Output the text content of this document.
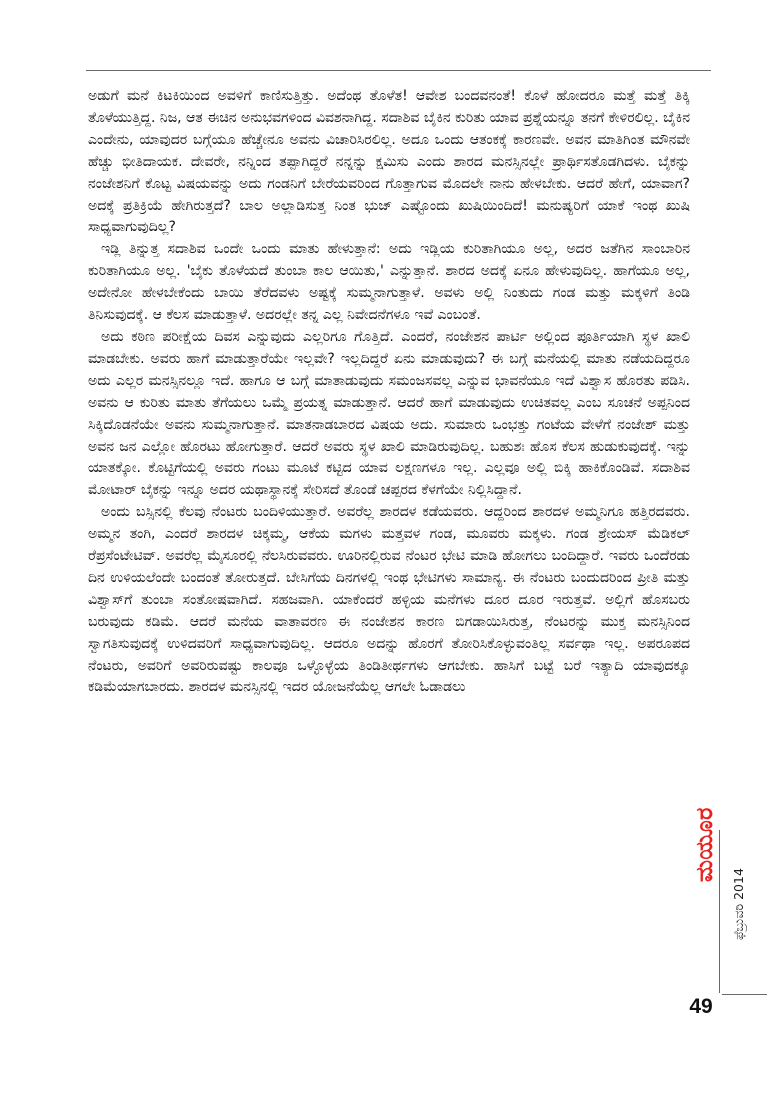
ಅಡುಗೆ ಮನೆ ಕಿಟಕಿಯಿಂದ ಅವಳಿಗೆ ಕಾಣಿಸುತ್ತಿತ್ತು. ಅದೆಂಥ ತೊಳೆತ! ಆವೇಶ ಬಂದವನಂತೆ! ಕೊಳೆ ಹೋದರೂ ಮತ್ತೆ ಮತ್ತೆ ತಿಕ್ಕಿ ತೊಳೆಯುತ್ತಿದ್ದ. ನಿಜ, ಆತ ಈಚಿನ ಅನುಭವಗಳಿಂದ ವಿವಶನಾಗಿದ್ದ. ಸದಾಶಿವ ಬೈಕಿನ ಕುರಿತು ಯಾವ ಪ್ರಶ್ನೆಯನ್ನೂ ತನಗೆ ಕೇಳಿರಲಿಲ್ಲ. ಬೈಕಿನ ಎಂದೇನು, ಯಾವುದರ ಬಗ್ಗೆಯೂ ಹೆಚ್ಚೇನೂ ಅವನು ವಿಚಾರಿಸಿರಲಿಲ್ಲ. ಅದೂ ಒಂದು ಆತಂಕಕ್ಕೆ ಕಾರಣವೇ. ಅವನ ಮಾತಿಗಿಂತ ಮೌನವೇ ಹೆಚ್ಚು ಭೀತಿದಾಯಕ. ದೇವರೇ, ನನ್ನಿಂದ ತಪ್ಪಾಗಿದ್ದರೆ ನನ್ನನ್ನು ಕ್ಷಮಿಸು ಎಂದು ಶಾರದ ಮನಸ್ಸಿನಲ್ಲೇ ಪ್ರಾರ್ಥಿಸತೊಡಗಿದಳು. ಬೈಕನ್ನು ನಂಜೇಶನಿಗೆ ಕೊಟ್ಟ ವಿಷಯವನ್ನು ಅದು ಗಂಡನಿಗೆ ಬೇರೆಯವರಿಂದ ಗೊತ್ತಾಗುವ ಮೊದಲೇ ನಾನು ಹೇಳಬೇಕು. ಆದರೆ ಹೇಗೆ, ಯಾವಾಗ? ಅದಕ್ಕೆ ಪ್ರತಿಕ್ರಿಯೆ ಹೇಗಿರುತ್ತದೆ? ಬಾಲ ಅಲ್ಲಾಡಿಸುತ್ತ ನಿಂತ ಭುಜ್ ಎಷ್ಟೊಂದು ಖುಷಿಯಿಂದಿದೆ! ಮನುಷ್ಯರಿಗೆ ಯಾಕೆ ಇಂಥ ಖುಷಿ ಸಾಧ್ಯವಾಗುವುದಿಲ್ಲ?

ಇಡ್ಲಿ ತಿನ್ನುತ್ತ ಸದಾಶಿವ ಒಂದೇ ಒಂದು ಮಾತು ಹೇಳುತ್ತಾನೆ: ಅದು ಇಡ್ಲಿಯ ಕುರಿತಾಗಿಯೂ ಅಲ್ಲ, ಅದರ ಜತೆಗಿನ ಸಾಂಬಾರಿನ ಕುರಿತಾಗಿಯೂ ಅಲ್ಲ. 'ಬೈಕು ತೊಳೆಯದೆ ತುಂಬಾ ಕಾಲ ಆಯಿತು,' ಎನ್ನುತ್ತಾನೆ. ಶಾರದ ಅದಕ್ಕೆ ಏನೂ ಹೇಳುವುದಿಲ್ಲ. ಹಾಗೆಯೂ ಅಲ್ಲ, ಅದೇನೋ ಹೇಳಬೇಕೆಂದು ಬಾಯಿ ತೆರೆದವಳು ಅಷ್ಟಕ್ಕೆ ಸುಮ್ಮನಾಗುತ್ತಾಳೆ. ಅವಳು ಅಲ್ಲಿ ನಿಂತುದು ಗಂಡ ಮತ್ತು ಮಕ್ಕಳಿಗೆ ತಿಂಡಿ ತಿನಿಸುವುದಕ್ಕೆ. ಆ ಕೆಲಸ ಮಾಡುತ್ತಾಳೆ. ಅದರಲ್ಲೇ ತನ್ನ ಎಲ್ಲ ನಿವೇದನೆಗಳೂ ಇವೆ ಎಂಬಂತೆ.

ಅದು ಕಠಿಣ ಪರೀಕ್ಷೆಯ ದಿವಸ ಎನ್ನುವುದು ಎಲ್ಲರಿಗೂ ಗೊತ್ತಿದೆ. ಎಂದರೆ, ನಂಜೇಶನ ಪಾರ್ಟಿ ಅಲ್ಲಿಂದ ಪೂರ್ತಿಯಾಗಿ ಸ್ಥಳ ಖಾಲಿ ಮಾಡಬೇಕು. ಅವರು ಹಾಗೆ ಮಾಡುತ್ತಾರೆಯೇ ಇಲ್ಲವೇ? ಇಲ್ಲದಿದ್ದರೆ ಏನು ಮಾಡುವುದು? ಈ ಬಗ್ಗೆ ಮನೆಯಲ್ಲಿ ಮಾತು ನಡೆಯದಿದ್ದರೂ ಅದು ಎಲ್ಲರ ಮನಸ್ಸಿನಲ್ಲೂ ಇದೆ. ಹಾಗೂ ಆ ಬಗ್ಗೆ ಮಾತಾಡುವುದು ಸಮಂಜಸವಲ್ಲ ಎನ್ನುವ ಭಾವನೆಯೂ ಇದೆ ವಿಶ್ವಾಸ ಹೊರತು ಪಡಿಸಿ. ಅವನು ಆ ಕುರಿತು ಮಾತು ತೆಗೆಯಲು ಒಮ್ಮೆ ಪ್ರಯತ್ನ ಮಾಡುತ್ತಾನೆ. ಆದರೆ ಹಾಗೆ ಮಾಡುವುದು ಉಚಿತವಲ್ಲ ಎಂಬ ಸೂಚನೆ ಅಪ್ಪನಿಂದ ಸಿಕ್ಕಿದೊಡನೆಯೇ ಅವನು ಸುಮ್ಮನಾಗುತ್ತಾನೆ. ಮಾತನಾಡಬಾರದ ವಿಷಯ ಅದು. ಸುಮಾರು ಒಂಭತ್ತು ಗಂಟೆಯ ವೇಳೆಗೆ ನಂಜೇಶ್ ಮತ್ತು ಅವನ ಜನ ಎಲ್ಲೋ ಹೊರಟು ಹೋಗುತ್ತಾರೆ. ಆದರೆ ಅವರು ಸ್ಥಳ ಖಾಲಿ ಮಾಡಿರುವುದಿಲ್ಲ. ಬಹುಶಃ ಹೊಸ ಕೆಲಸ ಹುಡುಕುವುದಕ್ಕೆ. ಇನ್ನು ಯಾತಕ್ಕೋ. ಕೊಟ್ಟಿಗೆಯಲ್ಲಿ ಅವರು ಗಂಟು ಮೂಟೆ ಕಟ್ಟಿದ ಯಾವ ಲಕ್ಷಣಗಳೂ ಇಲ್ಲ. ಎಲ್ಲವೂ ಅಲ್ಲಿ ಬಿಕ್ಕಿ ಹಾಕಿಕೊಂಡಿವೆ. ಸದಾಶಿವ ಮೋಟಾರ್ ಬೈಕನ್ನು ಇನ್ನೂ ಅದರ ಯಥಾಸ್ಥಾನಕ್ಕೆ ಸೇರಿಸದೆ ತೊಂಡೆ ಚಪ್ಪರದ ಕೆಳಗೆಯೇ ನಿಲ್ಲಿಸಿದ್ದಾನೆ.

ಅಂದು ಬಸ್ಸಿನಲ್ಲಿ ಕೆಲವು ನೆಂಟರು ಬಂದಿಳಿಯುತ್ತಾರೆ. ಅವರೆಲ್ಲ ಶಾರದಳ ಕಡೆಯವರು. ಆದ್ದರಿಂದ ಶಾರದಳ ಅಮ್ಮನಿಗೂ ಹತ್ತಿರದವರು. ಅಮ್ಮನ ತಂಗಿ, ಎಂದರೆ ಶಾರದಳ ಚಿಕ್ಕಮ್ಮ, ಆಕೆಯ ಮಗಳು ಮತ್ತವಳ ಗಂಡ, ಮೂವರು ಮಕ್ಕಳು. ಗಂಡ ಶ್ರೇಯಸ್ ಮೆಡಿಕಲ್ ರೆಪ್ರಸೆಂಟೇಟಿವ್. ಅವರೆಲ್ಲ ಮೈಸೂರಲ್ಲಿ ನೆಲಸಿರುವವರು. ಊರಿನಲ್ಲಿರುವ ನೆಂಟರ ಭೇಟಿ ಮಾಡಿ ಹೋಗಲು ಬಂದಿದ್ದಾರೆ. ಇವರು ಒಂದೆರಡು ದಿನ ಉಳಿಯಲೆಂದೇ ಬಂದಂತೆ ತೋರುತ್ತದೆ. ಬೇಸಿಗೆಯ ದಿನಗಳಲ್ಲಿ ಇಂಥ ಭೇಟಿಗಳು ಸಾಮಾನ್ಯ. ಈ ನೆಂಟರು ಬಂದುದರಿಂದ ಪ್ರೀತಿ ಮತ್ತು ವಿಶ್ವಾಸ್‌ಗೆ ತುಂಬಾ ಸಂತೋಷವಾಗಿದೆ. ಸಹಜವಾಗಿ. ಯಾಕೆಂದರೆ ಹಳ್ಳಿಯ ಮನೆಗಳು ದೂರ ದೂರ ಇರುತ್ತವೆ. ಅಲ್ಲಿಗೆ ಹೊಸಬರು ಬರುವುದು ಕಡಿಮೆ. ಆದರೆ ಮನೆಯ ವಾತಾವರಣ ಈ ನಂಜೇಶನ ಕಾರಣ ಬಿಗಡಾಯಿಸಿರುತ್ತ, ನೆಂಟರನ್ನು ಮುಕ್ತ ಮನಸ್ಸಿನಿಂದ ಸ್ವಾಗತಿಸುವುದಕ್ಕೆ ಉಳಿದವರಿಗೆ ಸಾಧ್ಯವಾಗುವುದಿಲ್ಲ. ಆದರೂ ಅದನ್ನು ಹೊರಗೆ ತೋರಿಸಿಕೊಳ್ಳುವಂತಿಲ್ಲ ಸರ್ವಥಾ ಇಲ್ಲ. ಅಪರೂಪದ ನೆಂಟರು, ಅವರಿಗೆ ಅವರಿರುವಷ್ಟು ಕಾಲವೂ ಒಳ್ಳೊಳ್ಳೆಯ ತಿಂಡಿತೀರ್ಥಗಳು ಆಗಬೇಕು. ಹಾಸಿಗೆ ಬಟ್ಟೆ ಬರೆ ಇತ್ಯಾದಿ ಯಾವುದಕ್ಕೂ ಕಡಿಮೆಯಾಗಬಾರದು. ಶಾರದಳ ಮನಸ್ಸಿನಲ್ಲಿ ಇದರ ಯೋಜನೆಯೆಲ್ಲ ಆಗಲೇ ಓಡಾಡಲು

ಮಯೂರ
ಫೆಬ್ರುವರಿ 2014
49
